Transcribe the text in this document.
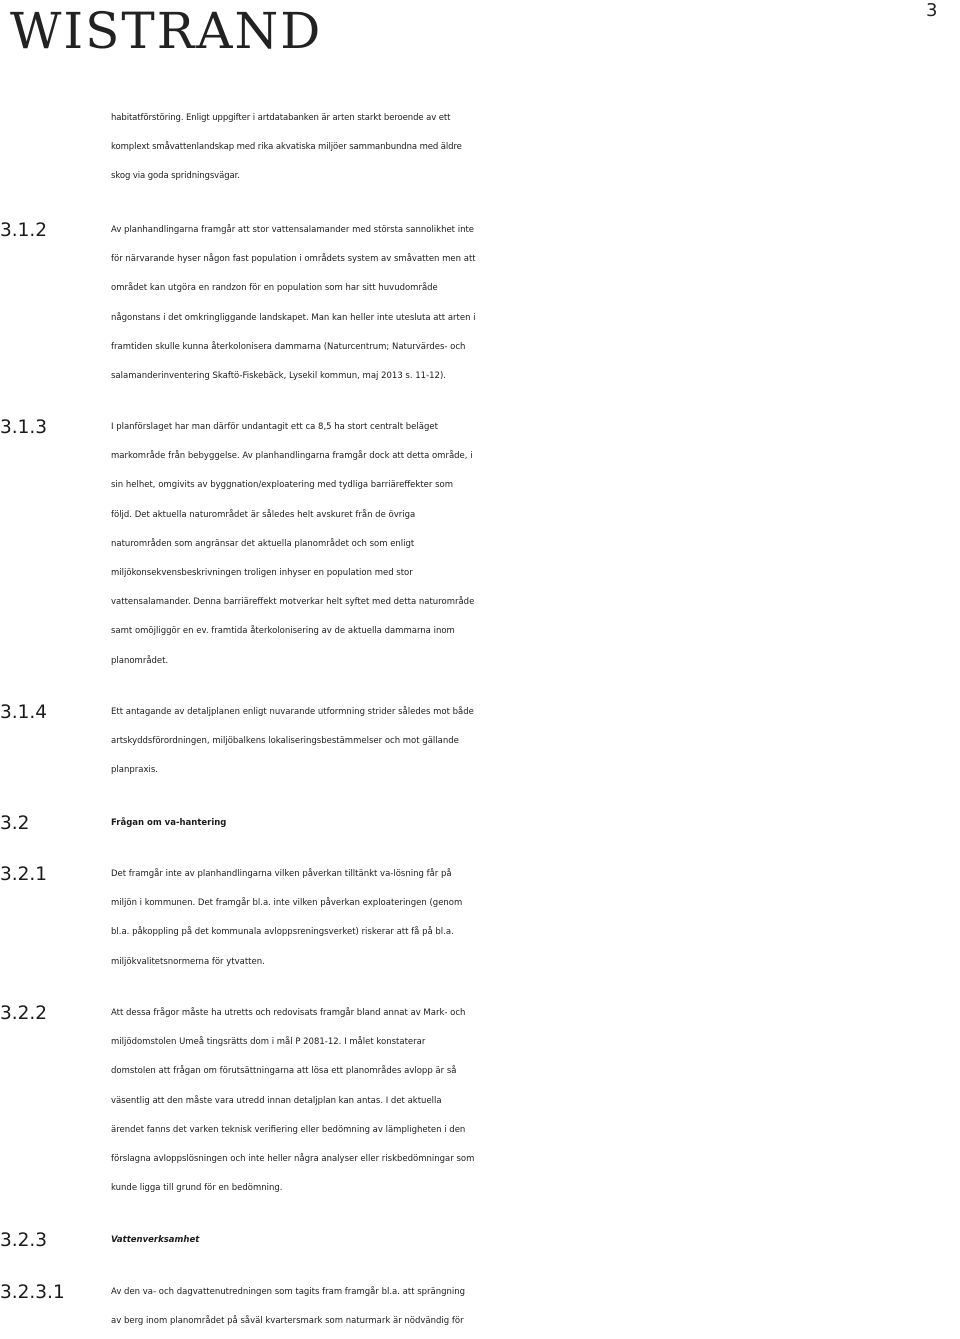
WISTRAND	3
habitatförstöring. Enligt uppgifter i artdatabanken är arten starkt beroende av ett
komplext småvattenlandskap med rika akvatiska miljöer sammanbundna med äldre
skog via goda spridningsvägar.
3.1.2	Av planhandlingarna framgår att stor vattensalamander med största sannolikhet inte
för närvarande hyser någon fast population i områdets system av småvatten men att
området kan utgöra en randzon för en population som har sitt huvudområde
någonstans i det omkringliggande landskapet. Man kan heller inte utesluta att arten i
framtiden skulle kunna återkolonisera dammarna (Naturcentrum; Naturvärdes- och
salamanderinventering Skaftö-Fiskebäck, Lysekil kommun, maj 2013 s. 11-12).
3.1.3	I planförslaget har man därför undantagit ett ca 8,5 ha stort centralt beläget
markområde från bebyggelse. Av planhandlingarna framgår dock att detta område, i
sin helhet, omgivits av byggnation/exploatering med tydliga barriäreffekter som
följd. Det aktuella naturområdet är således helt avskuret från de övriga
naturområden som angränsar det aktuella planområdet och som enligt
miljökonsekvensbeskrivningen troligen inhyser en population med stor
vattensalamander. Denna barriäreffekt motverkar helt syftet med detta naturområde
samt omöjliggör en ev. framtida återkolonisering av de aktuella dammarna inom
planområdet.
3.1.4	Ett antagande av detaljplanen enligt nuvarande utformning strider således mot både
artskyddsförordningen, miljöbalkens lokaliseringsbestämmelser och mot gällande
planpraxis.
3.2	Frågan om va-hantering
3.2.1	Det framgår inte av planhandlingarna vilken påverkan tilltänkt va-lösning får på
miljön i kommunen. Det framgår bl.a. inte vilken påverkan exploateringen (genom
bl.a. påkoppling på det kommunala avloppsreningsverket) riskerar att få på bl.a.
miljökvalitetsnormerna för ytvatten.
3.2.2	Att dessa frågor måste ha utretts och redovisats framgår bland annat av Mark- och
miljödomstolen Umeå tingsrätts dom i mål P 2081-12. I målet konstaterar
domstolen att frågan om förutsättningarna att lösa ett planområdes avlopp är så
väsentlig att den måste vara utredd innan detaljplan kan antas. I det aktuella
ärendet fanns det varken teknisk verifiering eller bedömning av lämpligheten i den
förslagna avloppslösningen och inte heller några analyser eller riskbedömningar som
kunde ligga till grund för en bedömning.
3.2.3	Vattenverksamhet
3.2.3.1	Av den va- och dagvattenutredningen som tagits fram framgår bl.a. att sprängning
av berg inom planområdet på såväl kvartersmark som naturmark är nödvändig för
